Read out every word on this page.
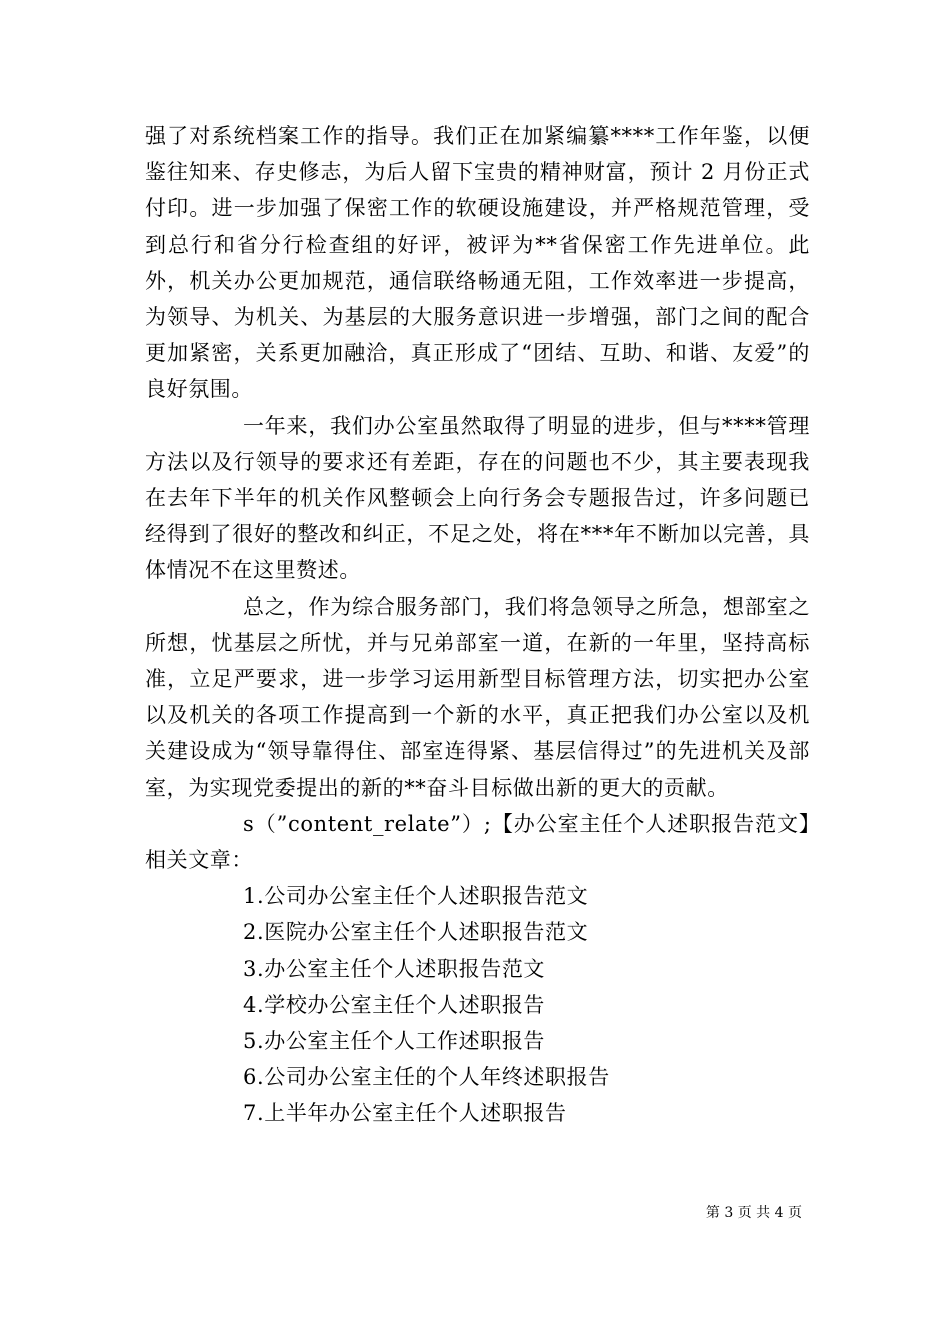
强了对系统档案工作的指导。我们正在加紧编纂****工作年鉴，以便鉴往知来、存史修志，为后人留下宝贵的精神财富，预计 2 月份正式付印。进一步加强了保密工作的软硬设施建设，并严格规范管理，受到总行和省分行检查组的好评，被评为**省保密工作先进单位。此外，机关办公更加规范，通信联络畅通无阻，工作效率进一步提高，为领导、为机关、为基层的大服务意识进一步增强，部门之间的配合更加紧密，关系更加融洽，真正形成了“团结、互助、和谐、友爱”的良好氛围。

一年来，我们办公室虽然取得了明显的进步，但与****管理方法以及行领导的要求还有差距，存在的问题也不少，其主要表现我在去年下半年的机关作风整顿会上向行务会专题报告过，许多问题已经得到了很好的整改和纠正，不足之处，将在***年不断加以完善，具体情况不在这里赘述。

总之，作为综合服务部门，我们将急领导之所急，想部室之所想，忧基层之所忧，并与兄弟部室一道，在新的一年里，坚持高标准，立足严要求，进一步学习运用新型目标管理方法，切实把办公室以及机关的各项工作提高到一个新的水平，真正把我们办公室以及机关建设成为“领导靠得住、部室连得紧、基层信得过”的先进机关及部室，为实现党委提出的新的**奋斗目标做出新的更大的贡献。

s（”content_relate”）;【办公室主任个人述职报告范文】相关文章：

1.公司办公室主任个人述职报告范文
2.医院办公室主任个人述职报告范文
3.办公室主任个人述职报告范文
4.学校办公室主任个人述职报告
5.办公室主任个人工作述职报告
6.公司办公室主任的个人年终述职报告
7.上半年办公室主任个人述职报告
第 3 页 共 4 页
